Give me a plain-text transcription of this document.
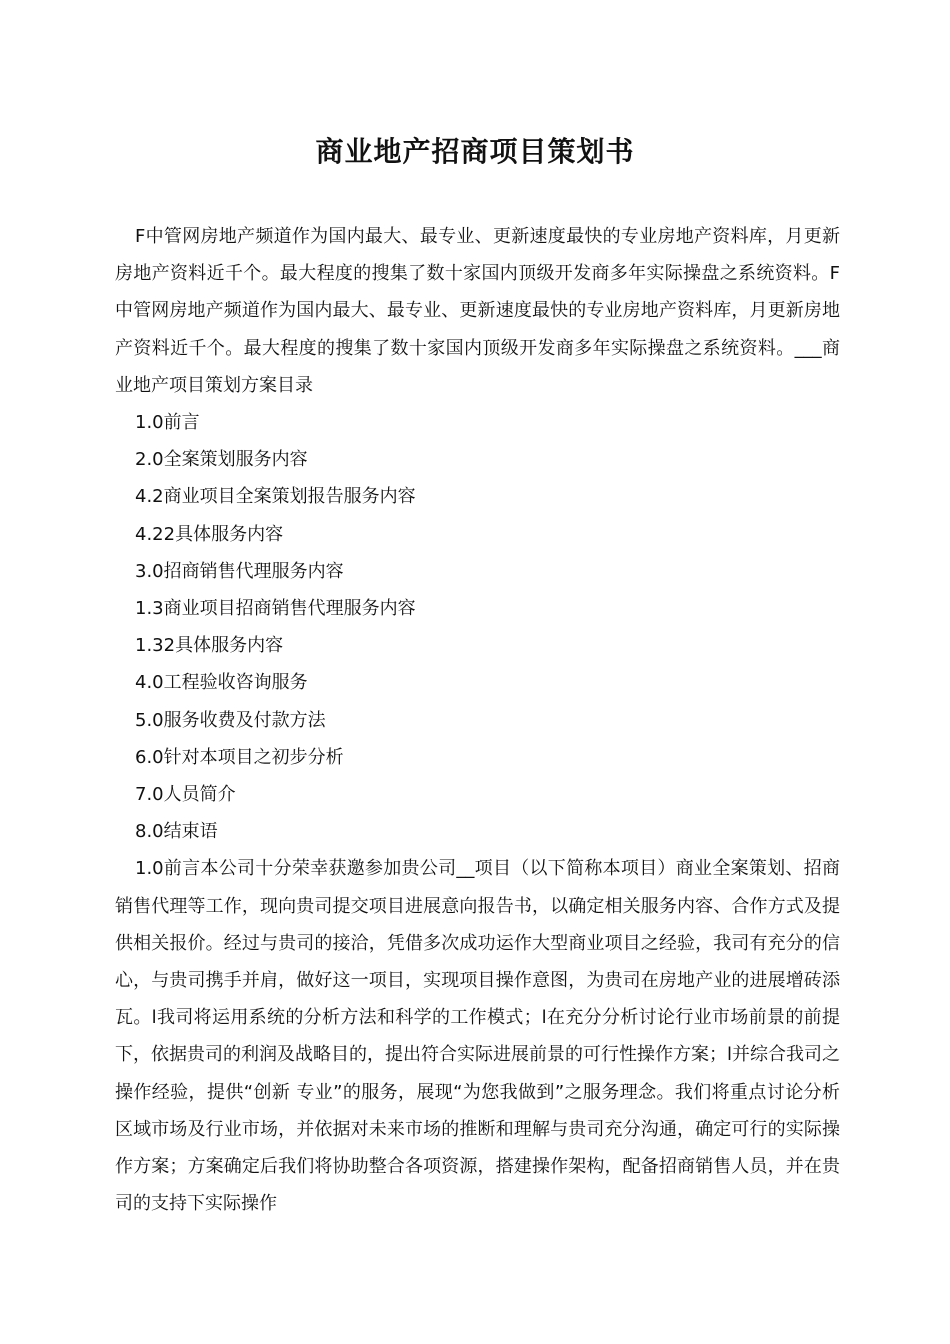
商业地产招商项目策划书

F中管网房地产频道作为国内最大、最专业、更新速度最快的专业房地产资料库，月更新房地产资料近千个。最大程度的搜集了数十家国内顶级开发商多年实际操盘之系统资料。F中管网房地产频道作为国内最大、最专业、更新速度最快的专业房地产资料库，月更新房地产资料近千个。最大程度的搜集了数十家国内顶级开发商多年实际操盘之系统资料。___商业地产项目策划方案目录

1.0前言

2.0全案策划服务内容

4.2商业项目全案策划报告服务内容

4.22具体服务内容

3.0招商销售代理服务内容

1.3商业项目招商销售代理服务内容

1.32具体服务内容

4.0工程验收咨询服务

5.0服务收费及付款方法

6.0针对本项目之初步分析

7.0人员简介

8.0结束语

1.0前言本公司十分荣幸获邀参加贵公司__项目（以下简称本项目）商业全案策划、招商销售代理等工作，现向贵司提交项目进展意向报告书，以确定相关服务内容、合作方式及提供相关报价。经过与贵司的接洽，凭借多次成功运作大型商业项目之经验，我司有充分的信心，与贵司携手并肩，做好这一项目，实现项目操作意图，为贵司在房地产业的进展增砖添瓦。l我司将运用系统的分析方法和科学的工作模式；l在充分分析讨论行业市场前景的前提下，依据贵司的利润及战略目的，提出符合实际进展前景的可行性操作方案；l并综合我司之操作经验，提供“创新 专业”的服务，展现“为您我做到”之服务理念。我们将重点讨论分析区域市场及行业市场，并依据对未来市场的推断和理解与贵司充分沟通，确定可行的实际操作方案；方案确定后我们将协助整合各项资源，搭建操作架构，配备招商销售人员，并在贵司的支持下实际操作
